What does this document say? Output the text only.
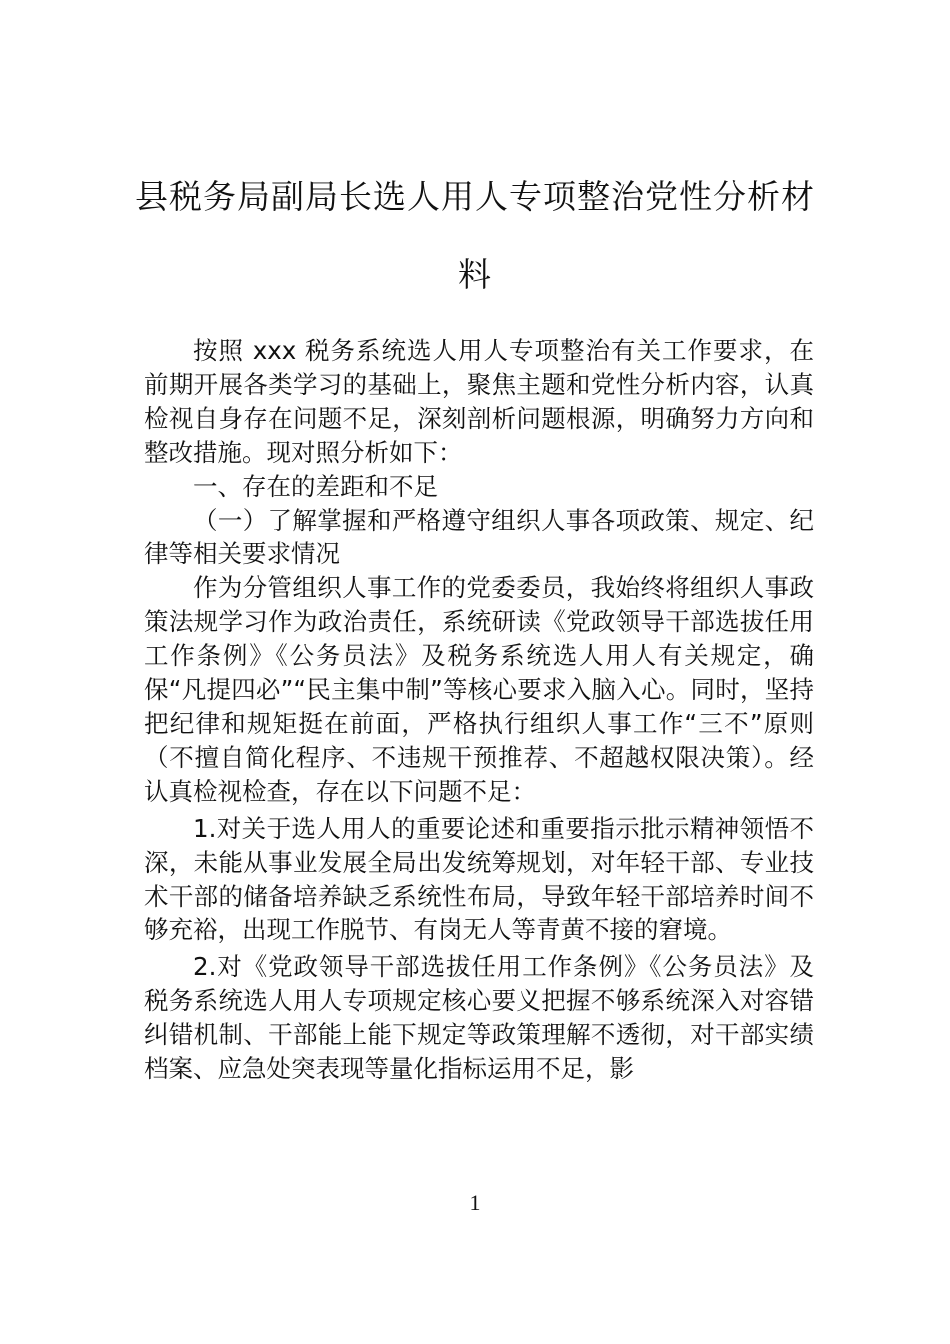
县税务局副局长选人用人专项整治党性分析材料

按照 xxx 税务系统选人用人专项整治有关工作要求，在前期开展各类学习的基础上，聚焦主题和党性分析内容，认真检视自身存在问题不足，深刻剖析问题根源，明确努力方向和整改措施。现对照分析如下：

一、存在的差距和不足

（一）了解掌握和严格遵守组织人事各项政策、规定、纪律等相关要求情况

作为分管组织人事工作的党委委员，我始终将组织人事政策法规学习作为政治责任，系统研读《党政领导干部选拔任用工作条例》《公务员法》及税务系统选人用人有关规定，确保“凡提四必”“民主集中制”等核心要求入脑入心。同时，坚持把纪律和规矩挺在前面，严格执行组织人事工作“三不”原则（不擅自简化程序、不违规干预推荐、不超越权限决策）。经认真检视检查，存在以下问题不足：

1.对关于选人用人的重要论述和重要指示批示精神领悟不深，未能从事业发展全局出发统筹规划，对年轻干部、专业技术干部的储备培养缺乏系统性布局，导致年轻干部培养时间不够充裕，出现工作脱节、有岗无人等青黄不接的窘境。

2.对《党政领导干部选拔任用工作条例》《公务员法》及税务系统选人用人专项规定核心要义把握不够系统深入对容错纠错机制、干部能上能下规定等政策理解不透彻，对干部实绩档案、应急处突表现等量化指标运用不足，影

1
